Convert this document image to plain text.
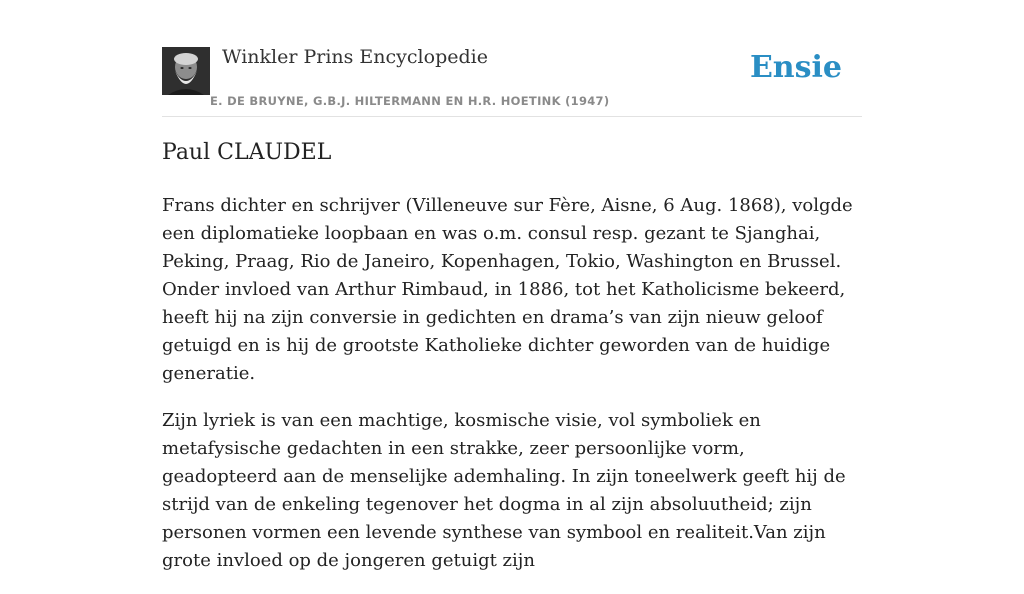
Winkler Prins Encyclopedie
E. DE BRUYNE, G.B.J. HILTERMANN EN H.R. HOETINK (1947)
Ensie
Paul CLAUDEL

Frans dichter en schrijver (Villeneuve sur Fère, Aisne, 6 Aug. 1868), volgde een diplomatieke loopbaan en was o.m. consul resp. gezant te Sjanghai, Peking, Praag, Rio de Janeiro, Kopenhagen, Tokio, Washington en Brussel. Onder invloed van Arthur Rimbaud, in 1886, tot het Katholicisme bekeerd, heeft hij na zijn conversie in gedichten en drama’s van zijn nieuw geloof getuigd en is hij de grootste Katholieke dichter geworden van de huidige generatie.

Zijn lyriek is van een machtige, kosmische visie, vol symboliek en metafysische gedachten in een strakke, zeer persoonlijke vorm, geadopteerd aan de menselijke ademhaling. In zijn toneelwerk geeft hij de strijd van de enkeling tegenover het dogma in al zijn absoluutheid; zijn personen vormen een levende synthese van symbool en realiteit.Van zijn grote invloed op de jongeren getuigt zijn
